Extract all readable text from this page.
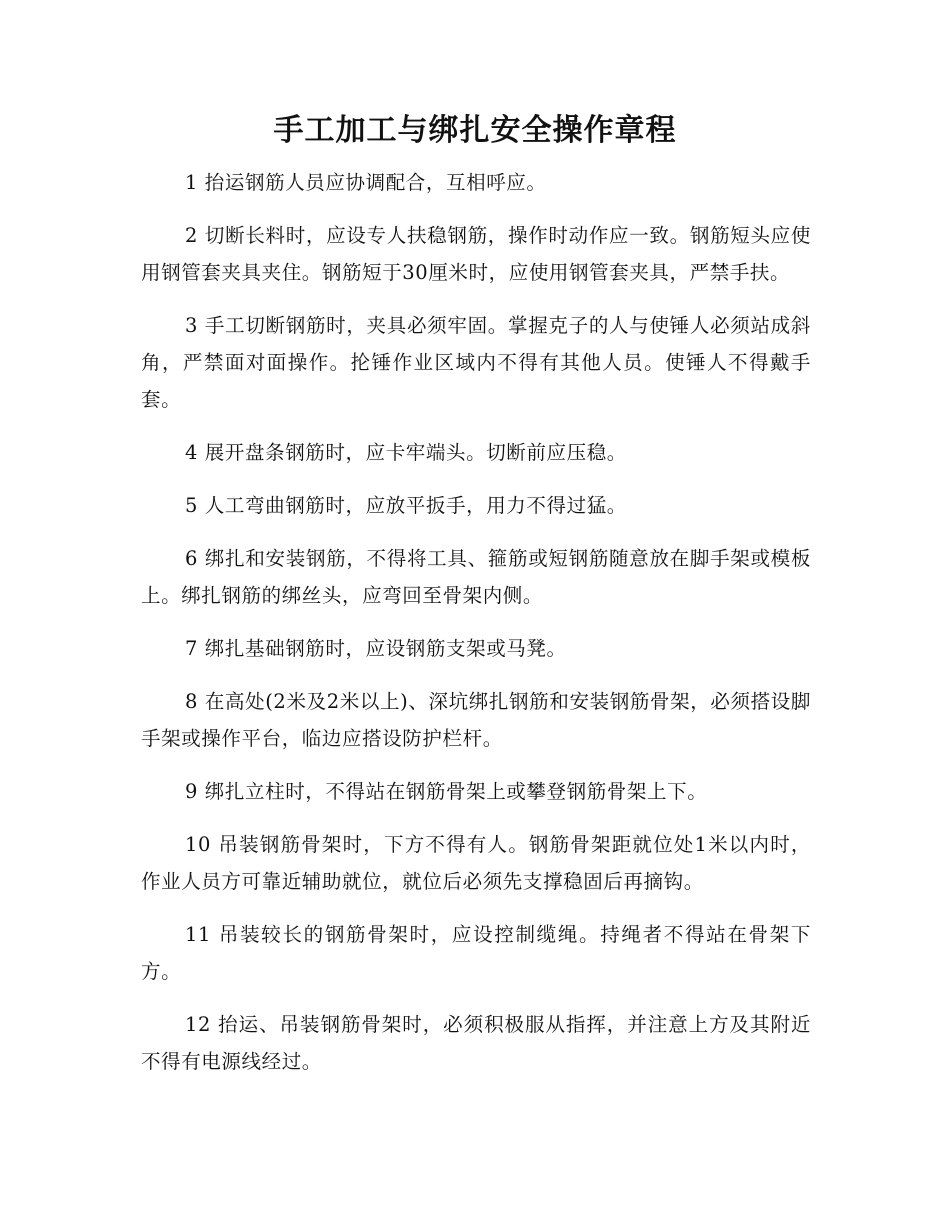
手工加工与绑扎安全操作章程

1 抬运钢筋人员应协调配合，互相呼应。

2 切断长料时，应设专人扶稳钢筋，操作时动作应一致。钢筋短头应使用钢管套夹具夹住。钢筋短于30厘米时，应使用钢管套夹具，严禁手扶。

3 手工切断钢筋时，夹具必须牢固。掌握克子的人与使锤人必须站成斜角，严禁面对面操作。抡锤作业区域内不得有其他人员。使锤人不得戴手套。

4 展开盘条钢筋时，应卡牢端头。切断前应压稳。

5 人工弯曲钢筋时，应放平扳手，用力不得过猛。

6 绑扎和安装钢筋，不得将工具、箍筋或短钢筋随意放在脚手架或模板上。绑扎钢筋的绑丝头，应弯回至骨架内侧。

7 绑扎基础钢筋时，应设钢筋支架或马凳。

8 在高处(2米及2米以上)、深坑绑扎钢筋和安装钢筋骨架，必须搭设脚手架或操作平台，临边应搭设防护栏杆。

9 绑扎立柱时，不得站在钢筋骨架上或攀登钢筋骨架上下。

10 吊装钢筋骨架时，下方不得有人。钢筋骨架距就位处1米以内时，作业人员方可靠近辅助就位，就位后必须先支撑稳固后再摘钩。

11 吊装较长的钢筋骨架时，应设控制缆绳。持绳者不得站在骨架下方。

12 抬运、吊装钢筋骨架时，必须积极服从指挥，并注意上方及其附近不得有电源线经过。
